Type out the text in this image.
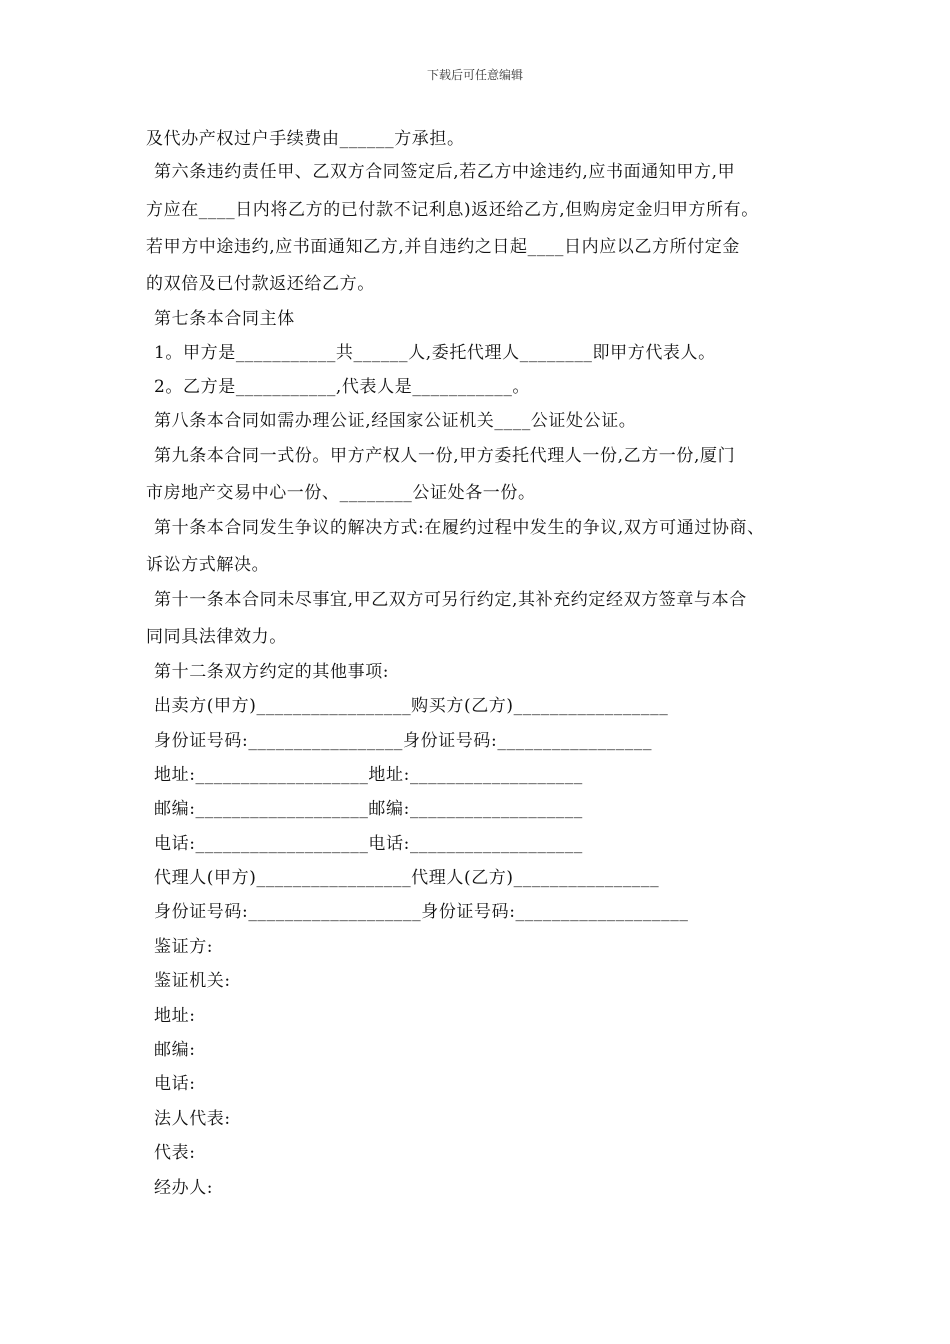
下载后可任意编辑
及代办产权过户手续费由______方承担。
第六条违约责任甲、乙双方合同签定后,若乙方中途违约,应书面通知甲方,甲
方应在____日内将乙方的已付款不记利息)返还给乙方,但购房定金归甲方所有。
若甲方中途违约,应书面通知乙方,并自违约之日起____日内应以乙方所付定金
的双倍及已付款返还给乙方。
第七条本合同主体
1。甲方是___________共______人,委托代理人________即甲方代表人。
2。乙方是___________,代表人是___________。
第八条本合同如需办理公证,经国家公证机关____公证处公证。
第九条本合同一式份。甲方产权人一份,甲方委托代理人一份,乙方一份,厦门
市房地产交易中心一份、________公证处各一份。
第十条本合同发生争议的解决方式:在履约过程中发生的争议,双方可通过协商、
诉讼方式解决。
第十一条本合同未尽事宜,甲乙双方可另行约定,其补充约定经双方签章与本合
同同具法律效力。
第十二条双方约定的其他事项:
出卖方(甲方)_________________购买方(乙方)_________________
身份证号码:_________________身份证号码:_________________
地址:___________________地址:___________________
邮编:___________________邮编:___________________
电话:___________________电话:___________________
代理人(甲方)_________________代理人(乙方)________________
身份证号码:___________________身份证号码:___________________
鉴证方:
鉴证机关:
地址:
邮编:
电话:
法人代表:
代表:
经办人:
